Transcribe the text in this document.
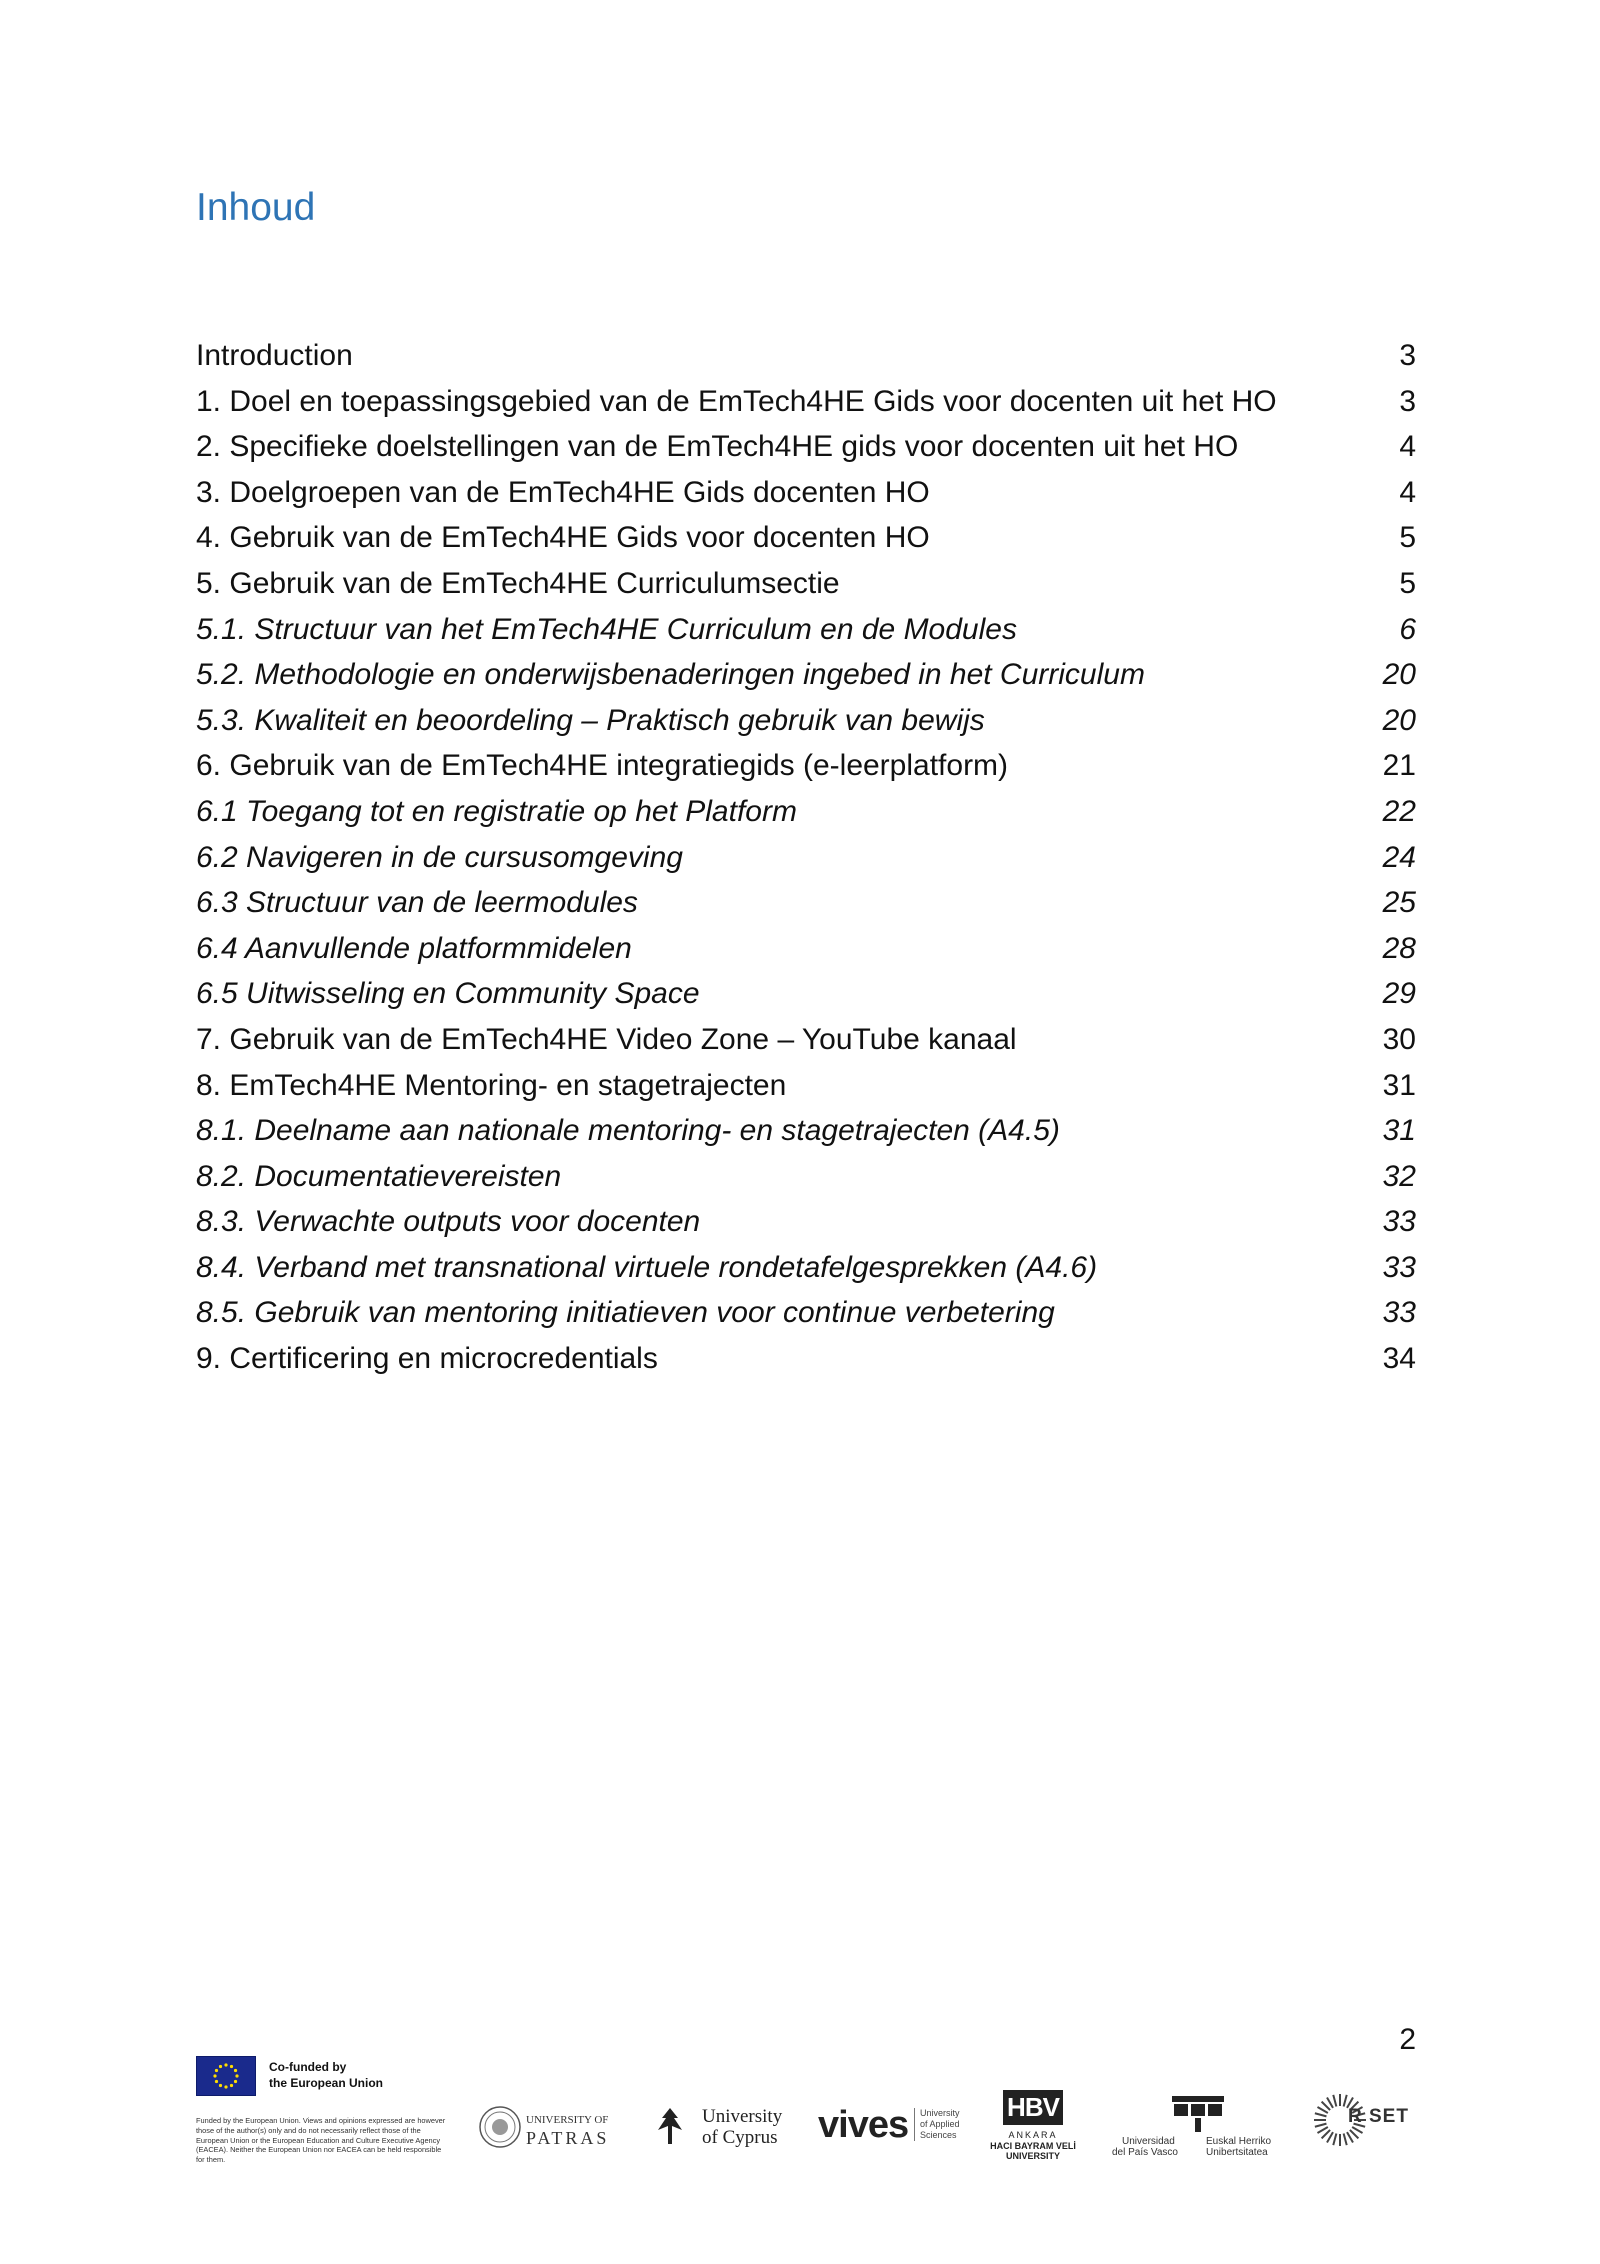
Inhoud
Introduction	3
1. Doel en toepassingsgebied van de EmTech4HE Gids voor docenten uit het HO	3
2. Specifieke doelstellingen van de EmTech4HE gids voor docenten uit het HO	4
3. Doelgroepen van de EmTech4HE Gids docenten HO	4
4. Gebruik van de EmTech4HE Gids voor docenten HO	5
5. Gebruik van de EmTech4HE Curriculumsectie	5
5.1. Structuur van het EmTech4HE Curriculum en de Modules	6
5.2. Methodologie en onderwijsbenaderingen ingebed in het Curriculum	20
5.3. Kwaliteit en beoordeling – Praktisch gebruik van bewijs	20
6. Gebruik van de EmTech4HE integratiegids (e-leerplatform)	21
6.1 Toegang tot en registratie op het Platform	22
6.2 Navigeren in de cursusomgeving	24
6.3 Structuur van de leermodules	25
6.4 Aanvullende platformmidelen	28
6.5 Uitwisseling en Community Space	29
7. Gebruik van de EmTech4HE Video Zone – YouTube kanaal	30
8. EmTech4HE Mentoring- en stagetrajecten	31
8.1. Deelname aan nationale mentoring- en stagetrajecten (A4.5)	31
8.2. Documentatievereisten	32
8.3. Verwachte outputs voor docenten	33
8.4. Verband met transnational virtuele rondetafelgesprekken (A4.6)	33
8.5. Gebruik van mentoring initiatieven voor continue verbetering	33
9. Certificering en microcredentials	34
2
Co-funded by
the European Union
Funded by the European Union. Views and opinions expressed are however those of the author(s) only and do not necessarily reflect those of the European Union or the European Education and Culture Executive Agency (EACEA). Neither the European Union nor EACEA can be held responsible for them.
UNIVERSITY OF
PATRAS
University
of Cyprus vives University
of Applied
Sciences
HBV
ANKARA
HACI BAYRAM VELİ
UNIVERSITY
Universidad
del País Vasco
Euskal Herriko
Unibertsitatea
R SET
